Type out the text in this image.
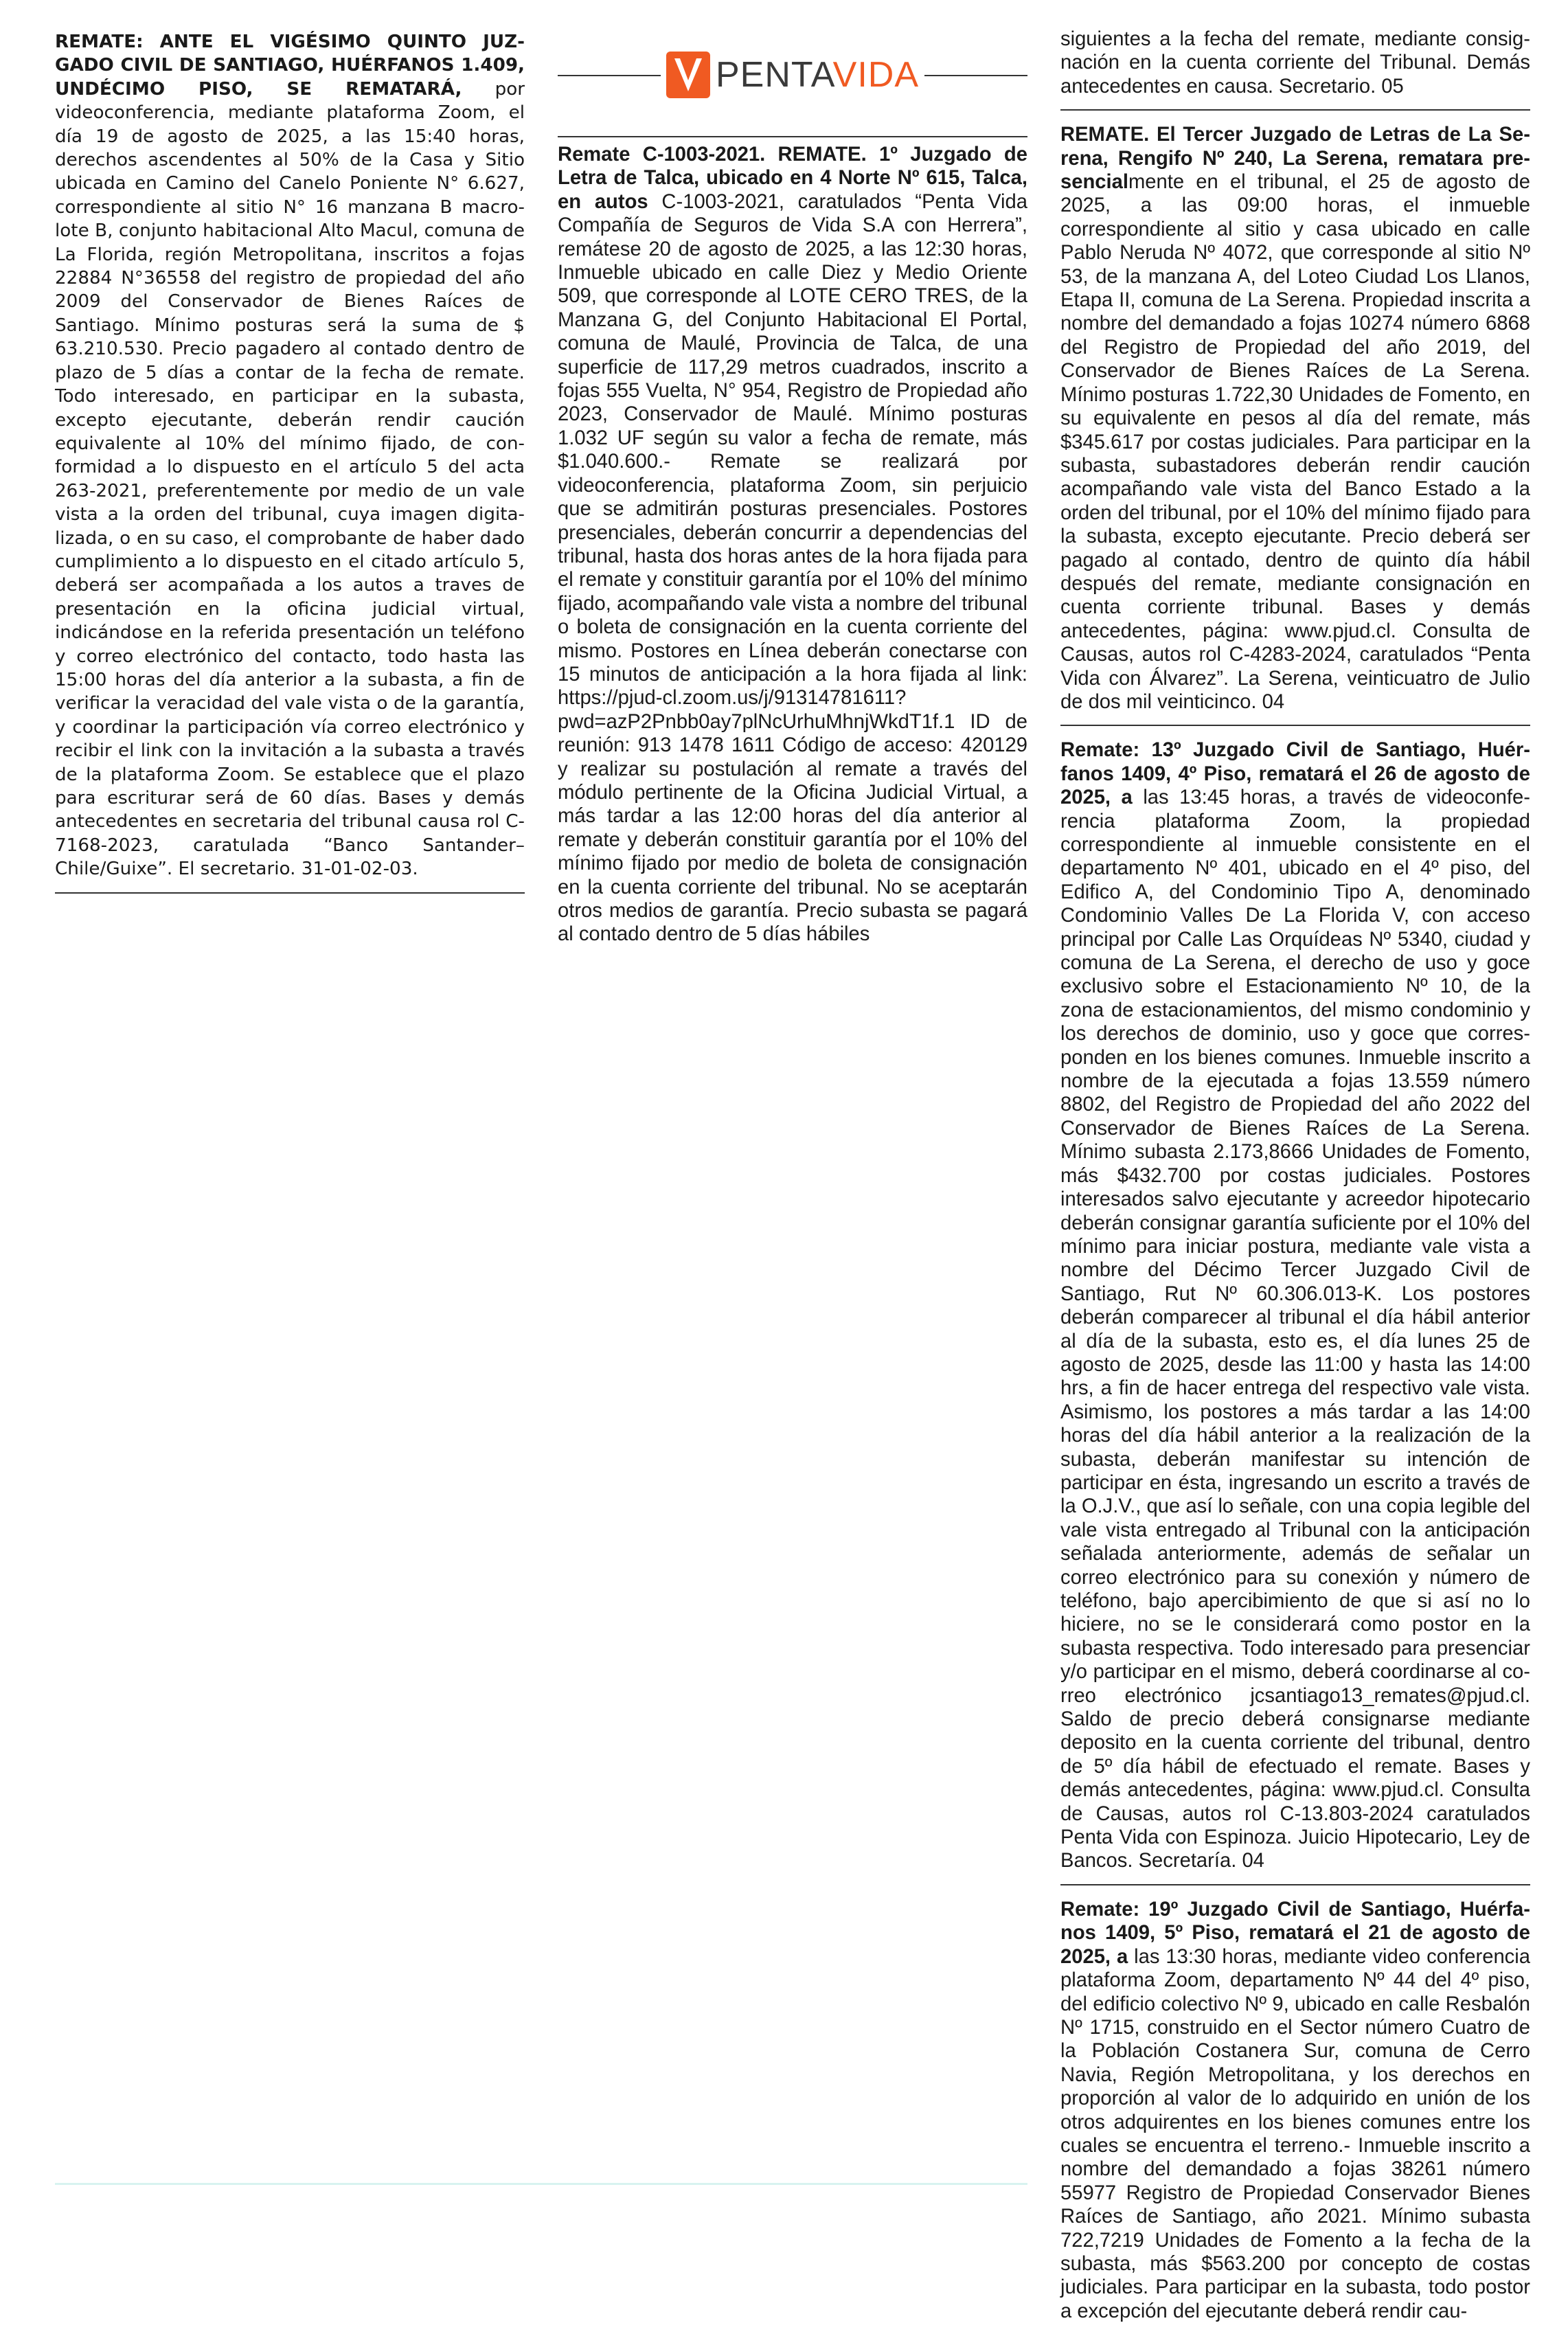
REMATE: ANTE EL VIGÉSIMO QUINTO JUZGADO CIVIL DE SANTIAGO, HUÉRFANOS 1.409, UNDÉCIMO PISO, SE REMATARÁ, por videoconferencia, mediante plataforma Zoom, el día 19 de agosto de 2025, a las 15:40 horas, derechos ascendentes al 50% de la Casa y Sitio ubicada en Camino del Canelo Poniente N° 6.627, correspondiente al sitio N° 16 manzana B macrolote B, conjunto habitacional Alto Macul, comuna de La Florida, región Metropolitana, inscritos a fojas 22884 N°36558 del registro de propiedad del año 2009 del Conservador de Bienes Raíces de Santiago. Mínimo posturas será la suma de $ 63.210.530. Precio pagadero al contado dentro de plazo de 5 días a contar de la fecha de remate. Todo interesado, en participar en la subasta, excepto ejecutante, deberán rendir caución equivalente al 10% del mínimo fijado, de conformidad a lo dispuesto en el artículo 5 del acta 263-2021, preferentemente por medio de un vale vista a la orden del tribunal, cuya imagen digitalizada, o en su caso, el comprobante de haber dado cumplimiento a lo dispuesto en el citado artículo 5, deberá ser acompañada a los autos a traves de presentación en la oficina judicial virtual, indicándose en la referida presentación un teléfono y correo electrónico del contacto, todo hasta las 15:00 horas del día anterior a la subasta, a fin de verificar la veracidad del vale vista o de la garantía, y coordinar la participación vía correo electrónico y recibir el link con la invitación a la subasta a través de la plataforma Zoom. Se establece que el plazo para escriturar será de 60 días. Bases y demás antecedentes en secretaria del tribunal causa rol C-7168-2023, caratulada “Banco Santander–Chile/Guixe”. El secretario. 31-01-02-03.

PENTAVIDA

Remate C-1003-2021. REMATE. 1º Juzgado de Letra de Talca, ubicado en 4 Norte Nº 615, Talca, en autos C-1003-2021, caratulados “Penta Vida Compañía de Seguros de Vida S.A con Herrera”, remátese 20 de agosto de 2025, a las 12:30 horas, Inmueble ubicado en calle Diez y Medio Oriente 509, que corresponde al LOTE CERO TRES, de la Manzana G, del Conjunto Habitacional El Portal, comuna de Maulé, Provincia de Talca, de una superficie de 117,29 metros cuadrados, inscrito a fojas 555 Vuelta, N° 954, Registro de Propiedad año 2023, Conservador de Maulé. Mínimo posturas 1.032 UF según su valor a fecha de remate, más $1.040.600.- Remate se realizará por videoconferencia, plataforma Zoom, sin perjuicio que se admitirán posturas presenciales. Postores presenciales, deberán concurrir a dependencias del tribunal, hasta dos horas antes de la hora fijada para el remate y constituir garantía por el 10% del mínimo fijado, acompañando vale vista a nombre del tribunal o boleta de consignación en la cuenta corriente del mismo. Postores en Línea deberán conectarse con 15 minutos de anticipación a la hora fijada al link: https://pjud-cl.zoom.us/j/91314781611?pwd=azP2Pnbb0ay7plNcUrhuMhnjWkdT1f.1 ID de reunión: 913 1478 1611 Código de acceso: 420129 y realizar su postulación al remate a través del módulo pertinente de la Oficina Judicial Virtual, a más tardar a las 12:00 horas del día anterior al remate y deberán constituir garantía por el 10% del mínimo fijado por medio de boleta de consignación en la cuenta corriente del tribunal. No se aceptarán otros medios de garantía. Precio subasta se pagará al contado dentro de 5 días hábiles

siguientes a la fecha del remate, mediante consignación en la cuenta corriente del Tribunal. Demás antecedentes en causa. Secretario. 05

REMATE. El Tercer Juzgado de Letras de La Serena, Rengifo Nº 240, La Serena, rematara presencialmente en el tribunal, el 25 de agosto de 2025, a las 09:00 horas, el inmueble correspondiente al sitio y casa ubicado en calle Pablo Neruda Nº 4072, que corresponde al sitio Nº 53, de la manzana A, del Loteo Ciudad Los Llanos, Etapa II, comuna de La Serena. Propiedad inscrita a nombre del demandado a fojas 10274 número 6868 del Registro de Propiedad del año 2019, del Conservador de Bienes Raíces de La Serena. Mínimo posturas 1.722,30 Unidades de Fomento, en su equivalente en pesos al día del remate, más $345.617 por costas judiciales. Para participar en la subasta, subastadores deberán rendir caución acompañando vale vista del Banco Estado a la orden del tribunal, por el 10% del mínimo fijado para la subasta, excepto ejecutante. Precio deberá ser pagado al contado, dentro de quinto día hábil después del remate, mediante consignación en cuenta corriente tribunal. Bases y demás antecedentes, página: www.pjud.cl. Consulta de Causas, autos rol C-4283-2024, caratulados “Penta Vida con Álvarez”. La Serena, veinticuatro de Julio de dos mil veinticinco. 04

Remate: 13º Juzgado Civil de Santiago, Huérfanos 1409, 4º Piso, rematará el 26 de agosto de 2025, a las 13:45 horas, a través de videoconferencia plataforma Zoom, la propiedad correspondiente al inmueble consistente en el departamento Nº 401, ubicado en el 4º piso, del Edifico A, del Condominio Tipo A, denominado Condominio Valles De La Florida V, con acceso principal por Calle Las Orquídeas Nº 5340, ciudad y comuna de La Serena, el derecho de uso y goce exclusivo sobre el Estacionamiento Nº 10, de la zona de estacionamientos, del mismo condominio y los derechos de dominio, uso y goce que corresponden en los bienes comunes. Inmueble inscrito a nombre de la ejecutada a fojas 13.559 número 8802, del Registro de Propiedad del año 2022 del Conservador de Bienes Raíces de La Serena. Mínimo subasta 2.173,8666 Unidades de Fomento, más $432.700 por costas judiciales. Postores interesados salvo ejecutante y acreedor hipotecario deberán consignar garantía suficiente por el 10% del mínimo para iniciar postura, mediante vale vista a nombre del Décimo Tercer Juzgado Civil de Santiago, Rut Nº 60.306.013-K. Los postores deberán comparecer al tribunal el día hábil anterior al día de la subasta, esto es, el día lunes 25 de agosto de 2025, desde las 11:00 y hasta las 14:00 hrs, a fin de hacer entrega del respectivo vale vista. Asimismo, los postores a más tardar a las 14:00 horas del día hábil anterior a la realización de la subasta, deberán manifestar su intención de participar en ésta, ingresando un escrito a través de la O.J.V., que así lo señale, con una copia legible del vale vista entregado al Tribunal con la anticipación señalada anteriormente, además de señalar un correo electrónico para su conexión y número de teléfono, bajo apercibimiento de que si así no lo hiciere, no se le considerará como postor en la subasta respectiva. Todo interesado para presenciar y/o participar en el mismo, deberá coordinarse al correo electrónico jcsantiago13_remates@pjud.cl. Saldo de precio deberá consignarse mediante deposito en la cuenta corriente del tribunal, dentro de 5º día hábil de efectuado el remate. Bases y demás antecedentes, página: www.pjud.cl. Consulta de Causas, autos rol C-13.803-2024 caratulados Penta Vida con Espinoza. Juicio Hipotecario, Ley de Bancos. Secretaría. 04

Remate: 19º Juzgado Civil de Santiago, Huérfanos 1409, 5º Piso, rematará el 21 de agosto de 2025, a las 13:30 horas, mediante video conferencia plataforma Zoom, departamento Nº 44 del 4º piso, del edificio colectivo Nº 9, ubicado en calle Resbalón Nº 1715, construido en el Sector número Cuatro de la Población Costanera Sur, comuna de Cerro Navia, Región Metropolitana, y los derechos en proporción al valor de lo adquirido en unión de los otros adquirentes en los bienes comunes entre los cuales se encuentra el terreno.- Inmueble inscrito a nombre del demandado a fojas 38261 número 55977 Registro de Propiedad Conservador Bienes Raíces de Santiago, año 2021. Mínimo subasta 722,7219 Unidades de Fomento a la fecha de la subasta, más $563.200 por concepto de costas judiciales. Para participar en la subasta, todo postor a excepción del ejecutante deberá rendir cau-
